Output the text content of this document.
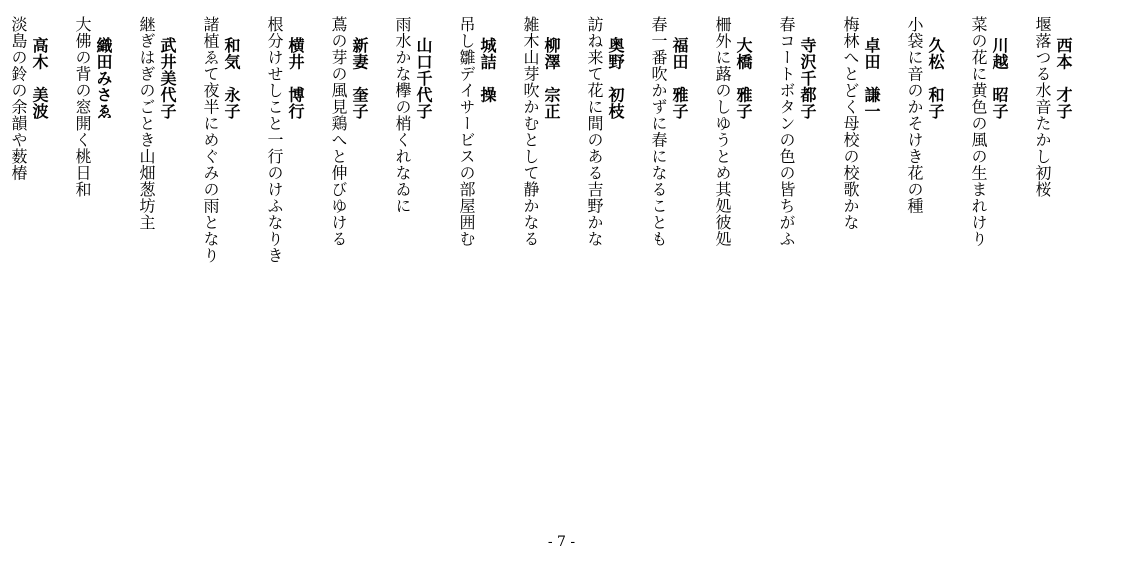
西本　才子
堰落つる水音たかし初桜
川越　昭子
菜の花に黄色の風の生まれけり
久松　和子
小袋に音のかそけき花の種
卓田　謙一
梅林へとどく母校の校歌かな
寺沢千都子
春コートボタンの色の皆ちがふ
大橋　雅子
柵外に蕗のしゆうとめ其処彼処
福田　雅子
春一番吹かずに春になることも
奥野　初枝
訪ね来て花に間のある吉野かな
柳澤　宗正
雑木山芽吹かむとして静かなる
城詰　操
吊し雛デイサービスの部屋囲む
山口千代子
雨水かな欅の梢くれなゐに
新妻　奎子
蔦の芽の風見鶏へと伸びゆける
横井　博行
根分けせしこと一行のけふなりき
和気　永子
諸植ゑて夜半にめぐみの雨となり
武井美代子
継ぎはぎのごとき山畑葱坊主
織田みさゑ
大佛の背の窓開く桃日和
高木　美波
淡島の鈴の余韻や薮椿
- 7 -
